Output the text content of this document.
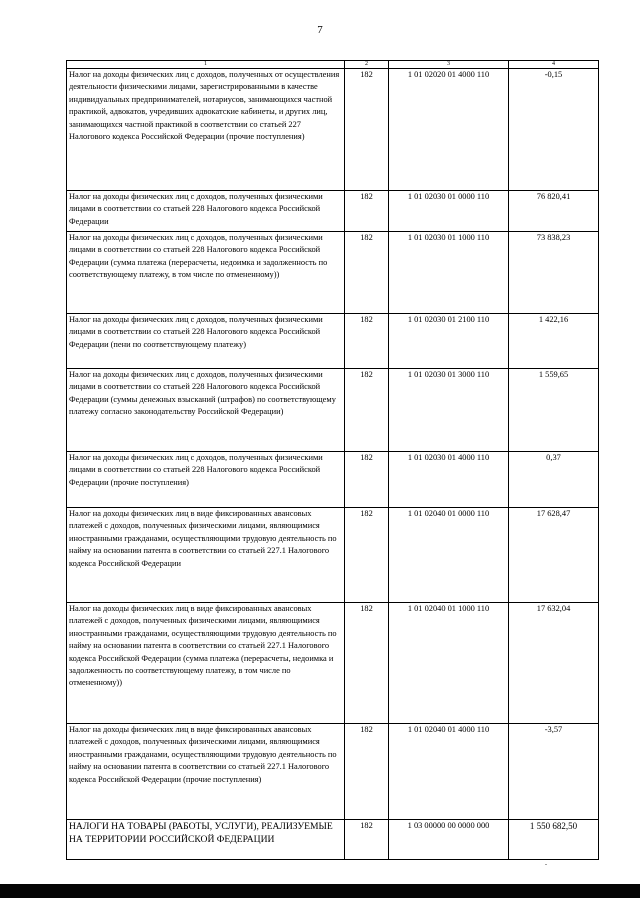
7
1	2	3	4
Налог на доходы физических лиц с доходов, полученных от осуществления деятельности физическими лицами, зарегистрированными в качестве индивидуальных предпринимателей, нотариусов, занимающихся частной практикой, адвокатов, учредивших адвокатские кабинеты, и других лиц, занимающихся частной практикой в соответствии со статьей 227 Налогового кодекса Российской Федерации (прочие поступления)	182	1 01 02020 01 4000 110	-0,15
Налог на доходы физических лиц с доходов, полученных физическими лицами в соответствии со статьей 228 Налогового кодекса Российской Федерации	182	1 01 02030 01 0000 110	76 820,41
Налог на доходы физических лиц с доходов, полученных физическими лицами в соответствии со статьей 228 Налогового кодекса Российской Федерации (сумма платежа (перерасчеты, недоимка и задолженность по соответствующему платежу, в том числе по отмененному))	182	1 01 02030 01 1000 110	73 838,23
Налог на доходы физических лиц с доходов, полученных физическими лицами в соответствии со статьей 228 Налогового кодекса Российской Федерации (пени по соответствующему платежу)	182	1 01 02030 01 2100 110	1 422,16
Налог на доходы физических лиц с доходов, полученных физическими лицами в соответствии со статьей 228 Налогового кодекса Российской Федерации (суммы денежных взысканий (штрафов) по соответствующему платежу согласно законодательству Российской Федерации)	182	1 01 02030 01 3000 110	1 559,65
Налог на доходы физических лиц с доходов, полученных физическими лицами в соответствии со статьей 228 Налогового кодекса Российской Федерации (прочие поступления)	182	1 01 02030 01 4000 110	0,37
Налог на доходы физических лиц в виде фиксированных авансовых платежей с доходов, полученных физическими лицами, являющимися иностранными гражданами, осуществляющими трудовую деятельность по найму на основании патента в соответствии со статьей 227.1 Налогового кодекса Российской Федерации	182	1 01 02040 01 0000 110	17 628,47
Налог на доходы физических лиц в виде фиксированных авансовых платежей с доходов, полученных физическими лицами, являющимися иностранными гражданами, осуществляющими трудовую деятельность по найму на основании патента в соответствии со статьей 227.1 Налогового кодекса Российской Федерации (сумма платежа (перерасчеты, недоимка и задолженность по соответствующему платежу, в том числе по отмененному))	182	1 01 02040 01 1000 110	17 632,04
Налог на доходы физических лиц в виде фиксированных авансовых платежей с доходов, полученных физическими лицами, являющимися иностранными гражданами, осуществляющими трудовую деятельность по найму на основании патента в соответствии со статьей 227.1 Налогового кодекса Российской Федерации (прочие поступления)	182	1 01 02040 01 4000 110	-3,57
НАЛОГИ НА ТОВАРЫ (РАБОТЫ, УСЛУГИ), РЕАЛИЗУЕМЫЕ НА ТЕРРИТОРИИ РОССИЙСКОЙ ФЕДЕРАЦИИ	182	1 03 00000 00 0000 000	1 550 682,50
.
